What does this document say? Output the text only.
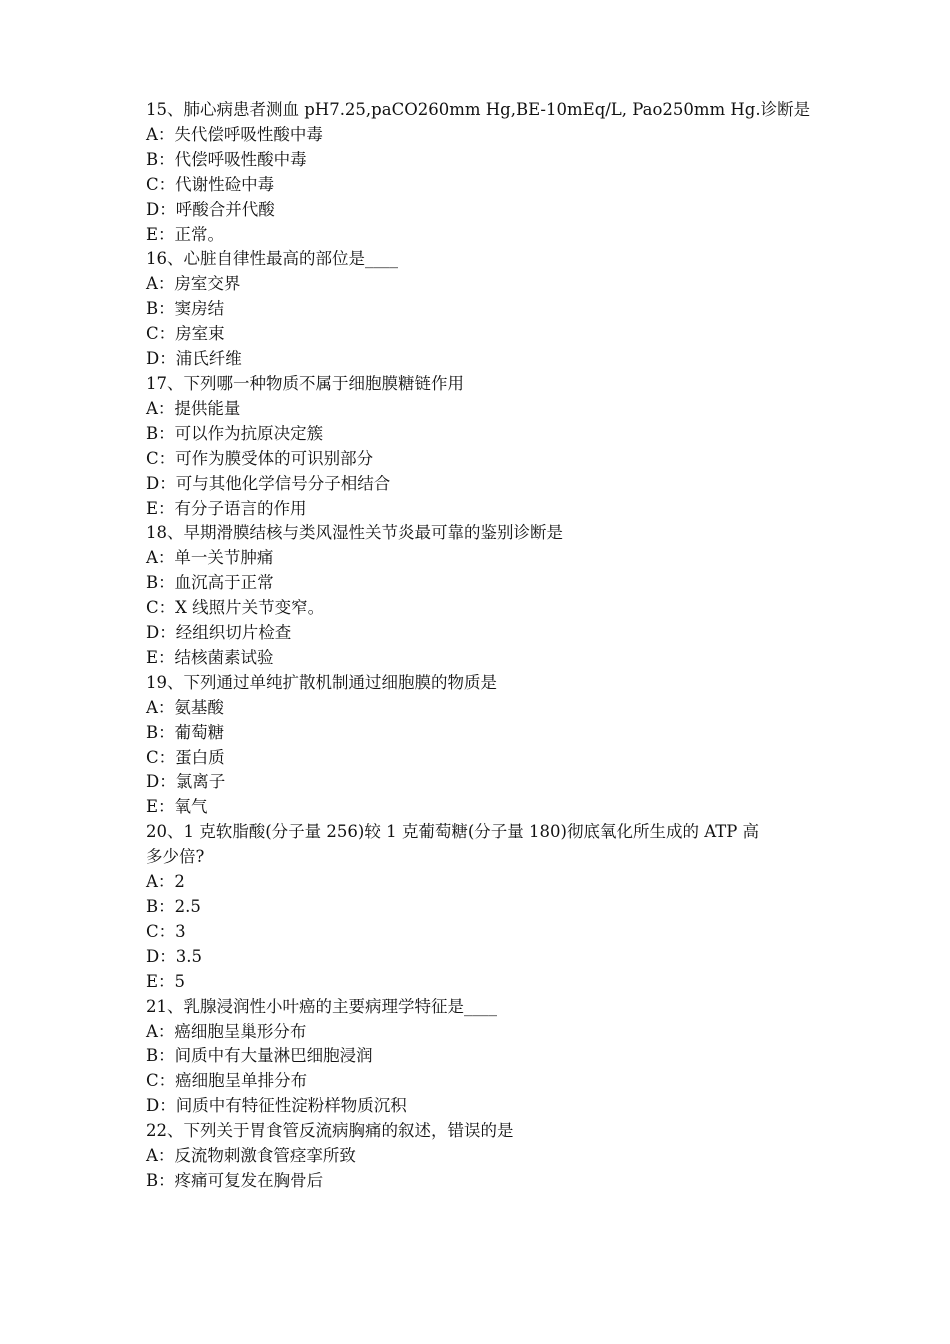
15、肺心病患者测血 pH7.25,paCO260mm Hg,BE-10mEq/L, Pao250mm Hg.诊断是

A：失代偿呼吸性酸中毒

B：代偿呼吸性酸中毒

C：代谢性硷中毒

D：呼酸合并代酸

E：正常。

16、心脏自律性最高的部位是____

A：房室交界

B：窦房结

C：房室束

D：浦氏纤维

17、下列哪一种物质不属于细胞膜糖链作用

A：提供能量

B：可以作为抗原决定簇

C：可作为膜受体的可识别部分

D：可与其他化学信号分子相结合

E：有分子语言的作用

18、早期滑膜结核与类风湿性关节炎最可靠的鉴别诊断是

A：单一关节肿痛

B：血沉高于正常

C：X 线照片关节变窄。

D：经组织切片检查

E：结核菌素试验

19、下列通过单纯扩散机制通过细胞膜的物质是

A：氨基酸

B：葡萄糖

C：蛋白质

D：氯离子

E：氧气

20、1 克软脂酸(分子量 256)较 1 克葡萄糖(分子量 180)彻底氧化所生成的 ATP 高

多少倍?

A：2

B：2.5

C：3

D：3.5

E：5

21、乳腺浸润性小叶癌的主要病理学特征是____

A：癌细胞呈巢形分布

B：间质中有大量淋巴细胞浸润

C：癌细胞呈单排分布

D：间质中有特征性淀粉样物质沉积

22、下列关于胃食管反流病胸痛的叙述，错误的是

A：反流物刺激食管痉挛所致

B：疼痛可复发在胸骨后
